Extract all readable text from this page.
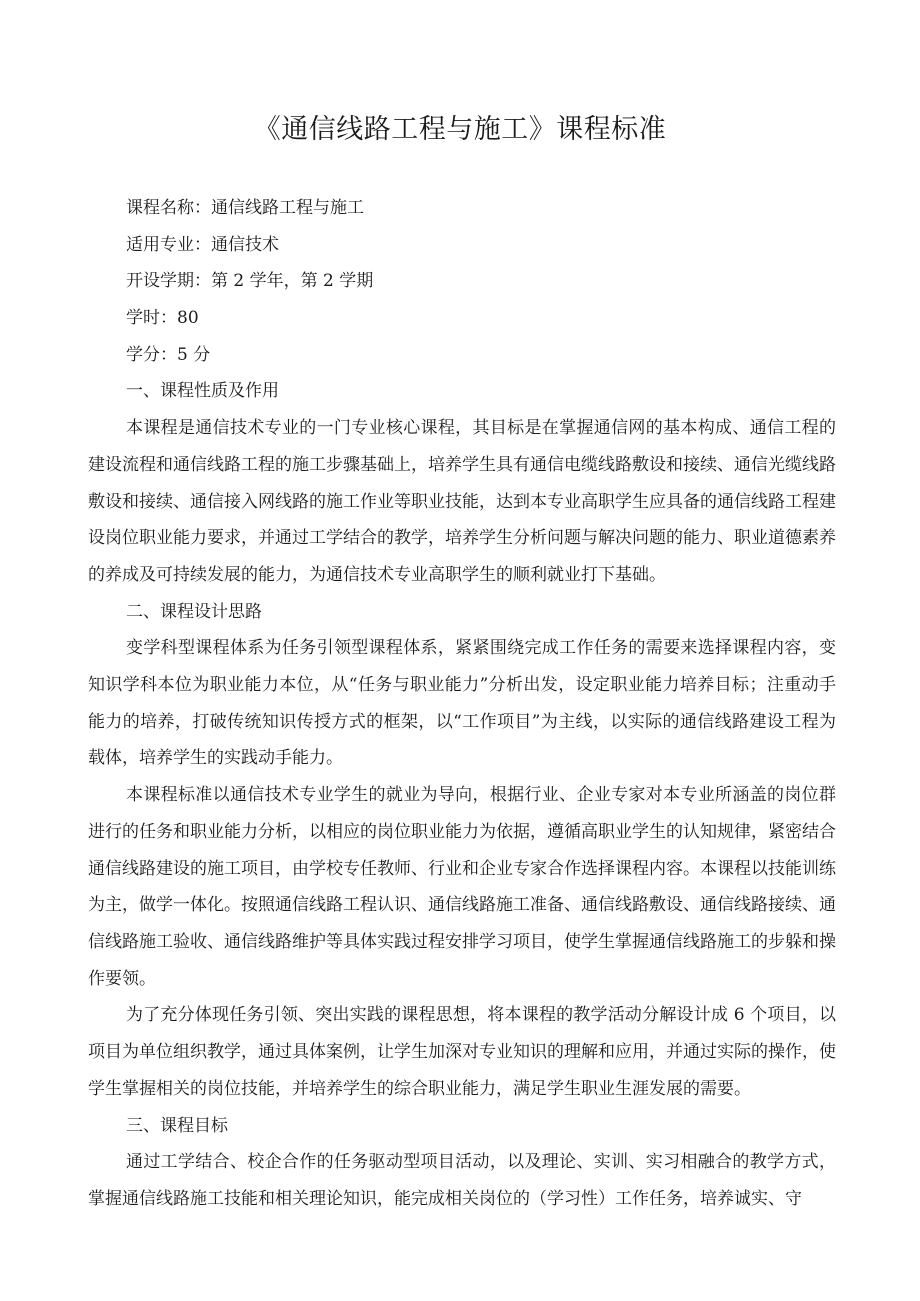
《通信线路工程与施工》课程标准

课程名称：通信线路工程与施工

适用专业：通信技术

开设学期：第 2 学年，第 2 学期

学时：80

学分：5 分

一、课程性质及作用

本课程是通信技术专业的一门专业核心课程，其目标是在掌握通信网的基本构成、通信工程的建设流程和通信线路工程的施工步骤基础上，培养学生具有通信电缆线路敷设和接续、通信光缆线路敷设和接续、通信接入网线路的施工作业等职业技能，达到本专业高职学生应具备的通信线路工程建设岗位职业能力要求，并通过工学结合的教学，培养学生分析问题与解决问题的能力、职业道德素养的养成及可持续发展的能力，为通信技术专业高职学生的顺利就业打下基础。

二、课程设计思路

变学科型课程体系为任务引领型课程体系，紧紧围绕完成工作任务的需要来选择课程内容，变知识学科本位为职业能力本位，从“任务与职业能力”分析出发，设定职业能力培养目标；注重动手能力的培养，打破传统知识传授方式的框架，以“工作项目”为主线，以实际的通信线路建设工程为载体，培养学生的实践动手能力。

本课程标准以通信技术专业学生的就业为导向，根据行业、企业专家对本专业所涵盖的岗位群进行的任务和职业能力分析，以相应的岗位职业能力为依据，遵循高职业学生的认知规律，紧密结合通信线路建设的施工项目，由学校专任教师、行业和企业专家合作选择课程内容。本课程以技能训练为主，做学一体化。按照通信线路工程认识、通信线路施工准备、通信线路敷设、通信线路接续、通信线路施工验收、通信线路维护等具体实践过程安排学习项目，使学生掌握通信线路施工的步躲和操作要领。

为了充分体现任务引领、突出实践的课程思想，将本课程的教学活动分解设计成 6 个项目，以项目为单位组织教学，通过具体案例，让学生加深对专业知识的理解和应用，并通过实际的操作，使学生掌握相关的岗位技能，并培养学生的综合职业能力，满足学生职业生涯发展的需要。

三、课程目标

通过工学结合、校企合作的任务驱动型项目活动，以及理论、实训、实习相融合的教学方式，掌握通信线路施工技能和相关理论知识，能完成相关岗位的（学习性）工作任务，培养诚实、守
